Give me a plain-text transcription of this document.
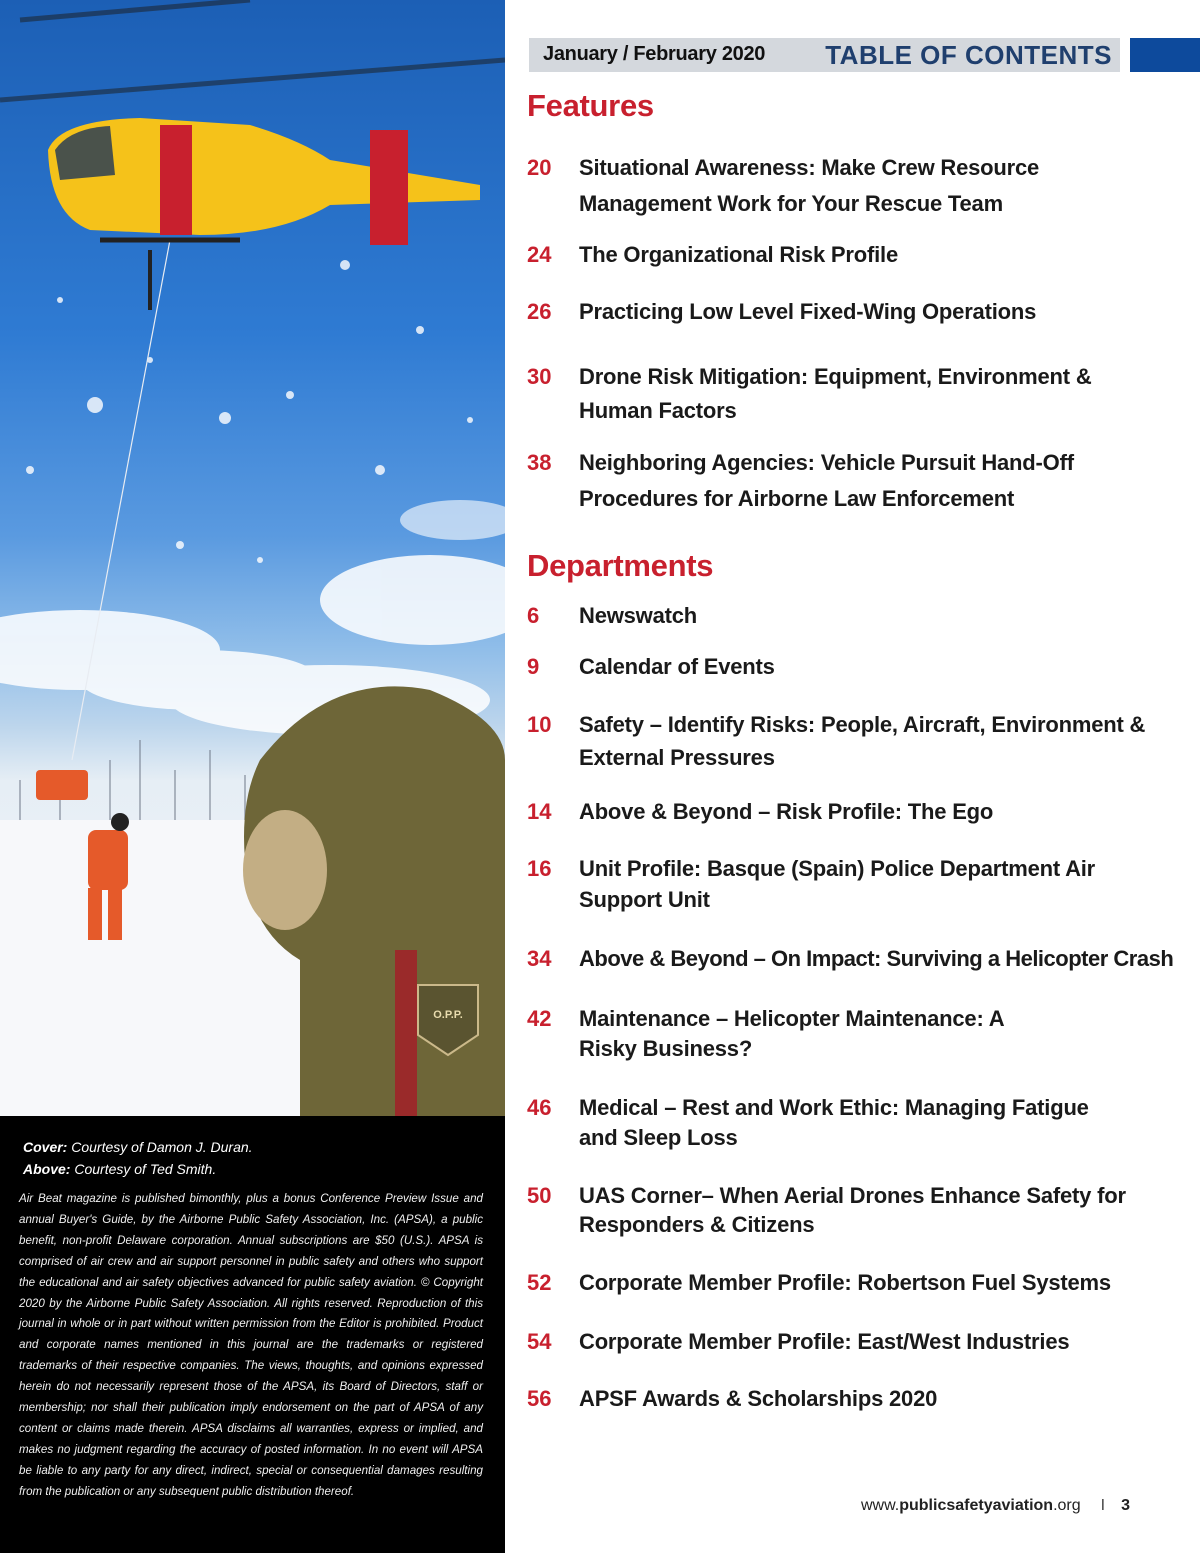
O.P.P.
Cover: Courtesy of Damon J. Duran.
Above: Courtesy of Ted Smith.
Air Beat magazine is published bimonthly, plus a bonus Conference Preview Issue and annual Buyer's Guide, by the Airborne Public Safety Association, Inc. (APSA), a public benefit, non-profit Delaware corporation. Annual subscriptions are $50 (U.S.). APSA is comprised of air crew and air support personnel in public safety and others who support the educational and air safety objectives advanced for public safety aviation. © Copyright 2020 by the Airborne Public Safety Association. All rights reserved. Reproduction of this journal in whole or in part without written permission from the Editor is prohibited. Product and corporate names mentioned in this journal are the trademarks or registered trademarks of their respective companies. The views, thoughts, and opinions expressed herein do not necessarily represent those of the APSA, its Board of Directors, staff or membership; nor shall their publication imply endorsement on the part of APSA of any content or claims made therein. APSA disclaims all warranties, express or implied, and makes no judgment regarding the accuracy of posted information. In no event will APSA be liable to any party for any direct, indirect, special or consequential damages resulting from the publication or any subsequent public distribution thereof.
January / February 2020 TABLE OF CONTENTS
Features
20 Situational Awareness: Make Crew Resource Management Work for Your Rescue Team
24 The Organizational Risk Profile
26 Practicing Low Level Fixed-Wing Operations
30 Drone Risk Mitigation: Equipment, Environment & Human Factors
38 Neighboring Agencies: Vehicle Pursuit Hand-Off Procedures for Airborne Law Enforcement
Departments
6 Newswatch
9 Calendar of Events
10 Safety – Identify Risks: People, Aircraft, Environment & External Pressures
14 Above & Beyond – Risk Profile: The Ego
16 Unit Profile: Basque (Spain) Police Department Air Support Unit
34 Above & Beyond – On Impact: Surviving a Helicopter Crash
42 Maintenance – Helicopter Maintenance: A Risky Business?
46 Medical – Rest and Work Ethic: Managing Fatigue and Sleep Loss
50 UAS Corner– When Aerial Drones Enhance Safety for Responders & Citizens
52 Corporate Member Profile: Robertson Fuel Systems
54 Corporate Member Profile: East/West Industries
56 APSF Awards & Scholarships 2020
www.publicsafetyaviation.org I 3
